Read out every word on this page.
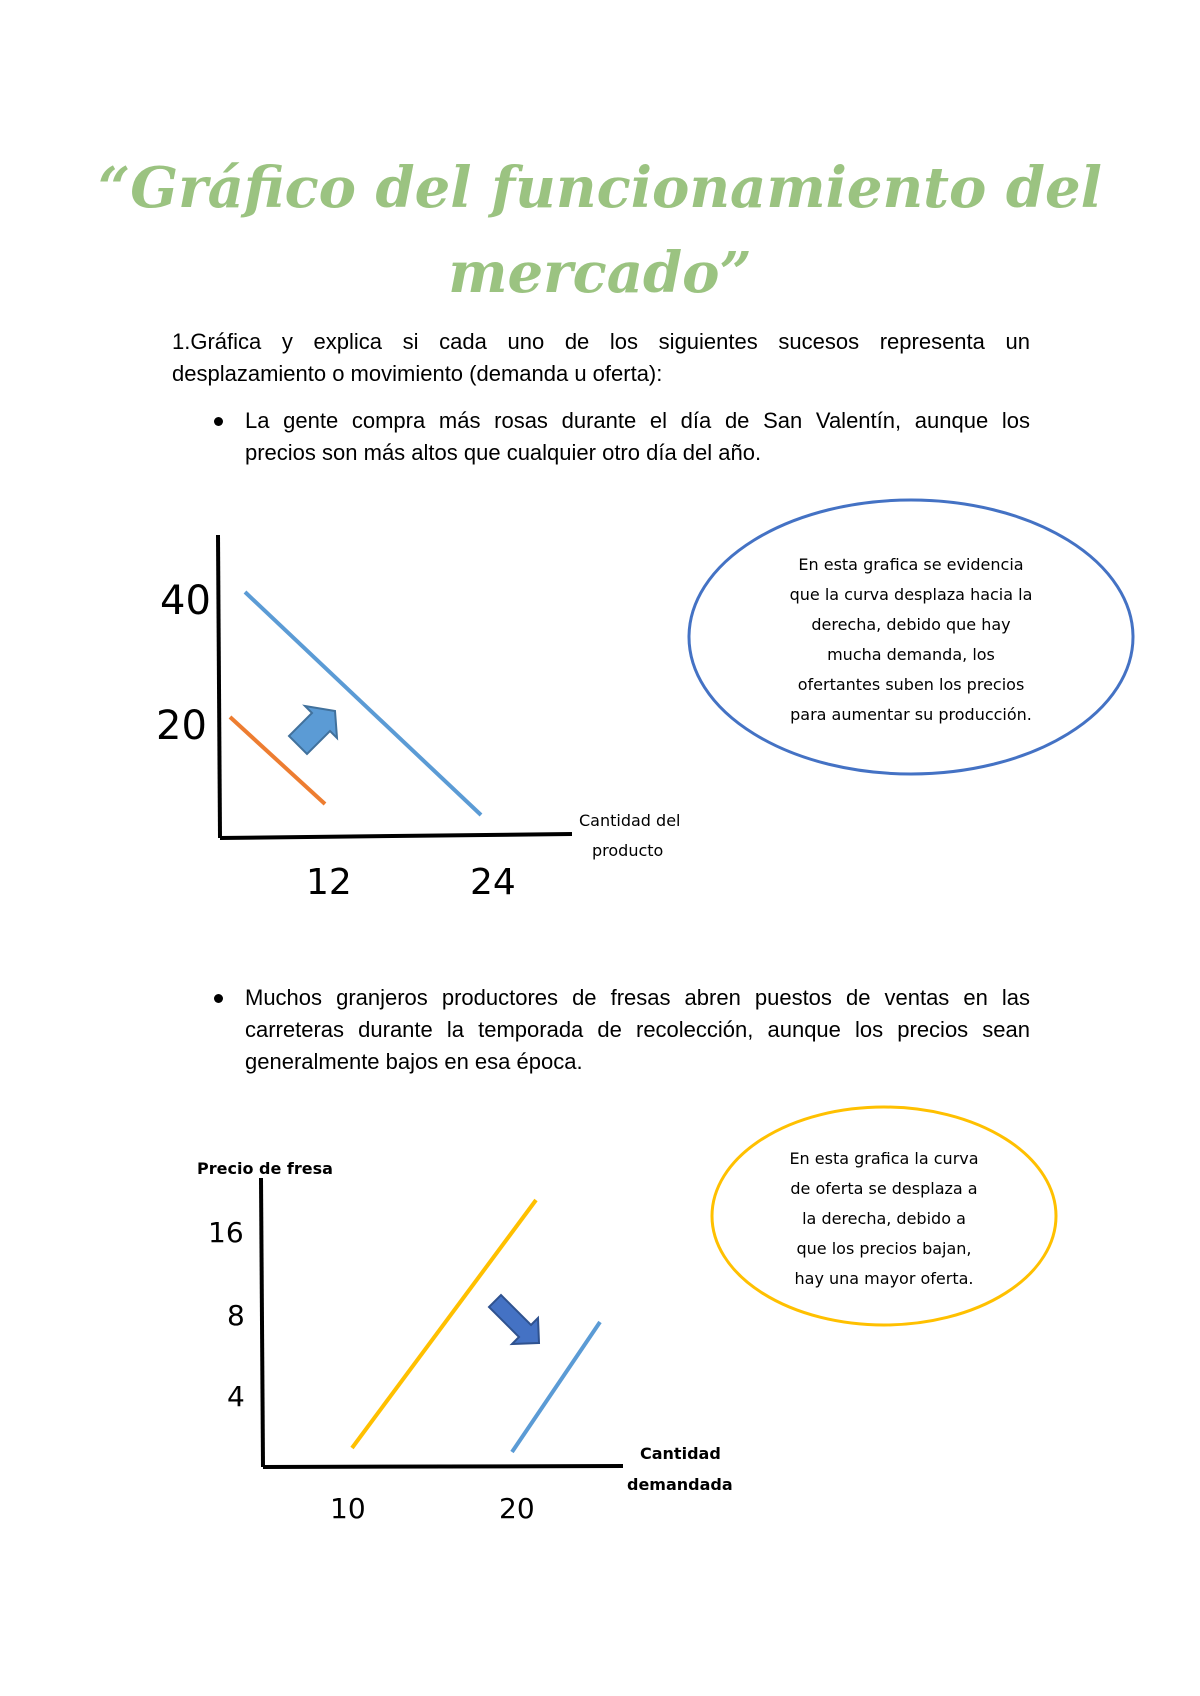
“Gráfico del funcionamiento del
mercado”
1.Gráfica y explica si cada uno de los siguientes sucesos representa un
desplazamiento o movimiento (demanda u oferta):
La gente compra más rosas durante el día de San Valentín, aunque los
precios son más altos que cualquier otro día del año.
Muchos granjeros productores de fresas abren puestos de ventas en las
carreteras durante la temporada de recolección, aunque los precios sean
generalmente bajos en esa época.
40
20
12	24
Cantidad del
producto
En esta grafica se evidencia
que la curva desplaza hacia la
derecha, debido que hay
mucha demanda, los
ofertantes suben los precios
para aumentar su producción.
Precio de fresa
16
8
4
10	20
Cantidad
demandada
En esta grafica la curva
de oferta se desplaza a
la derecha, debido a
que los precios bajan,
hay una mayor oferta.
